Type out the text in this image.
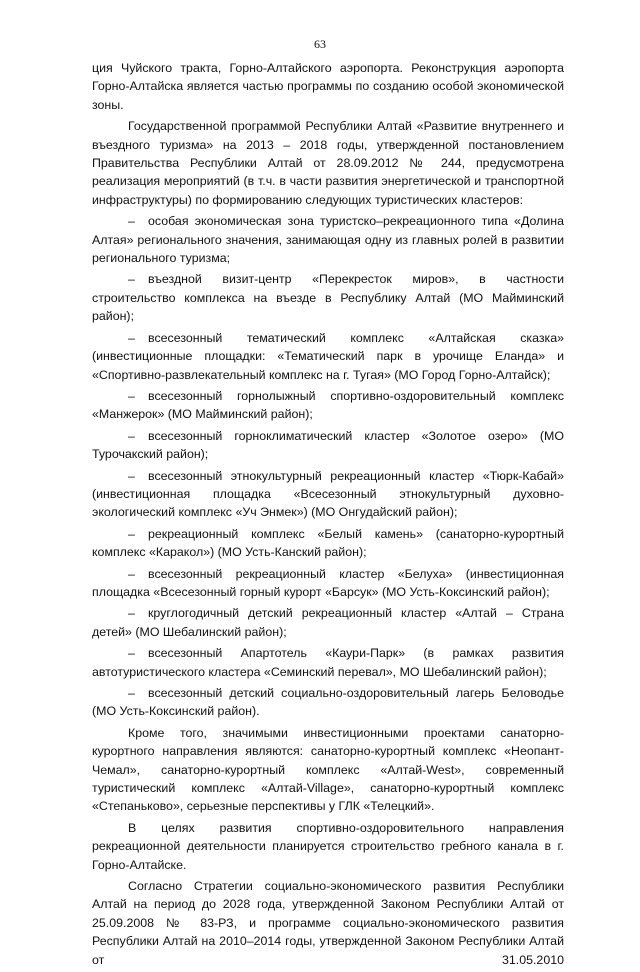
63

ция Чуйского тракта, Горно-Алтайского аэропорта. Реконструкция аэропорта Горно-Алтайска является частью программы по созданию особой экономической зоны.

Государственной программой Республики Алтай «Развитие внутреннего и въездного туризма» на 2013 – 2018 годы, утвержденной постановлением Правительства Республики Алтай от 28.09.2012 № 244, предусмотрена реализация мероприятий (в т.ч. в части развития энергетической и транспортной инфраструктуры) по формированию следующих туристических кластеров:

– особая экономическая зона туристско–рекреационного типа «Долина Алтая» регионального значения, занимающая одну из главных ролей в развитии регионального туризма;

– въездной визит-центр «Перекресток миров», в частности строительство комплекса на въезде в Республику Алтай (МО Майминский район);

– всесезонный тематический комплекс «Алтайская сказка» (инвестиционные площадки: «Тематический парк в урочище Еланда» и «Спортивно-развлекательный комплекс на г. Тугая» (МО Город Горно-Алтайск);

– всесезонный горнолыжный спортивно-оздоровительный комплекс «Манжерок» (МО Майминский район);

– всесезонный горноклиматический кластер «Золотое озеро» (МО Турочакский район);

– всесезонный этнокультурный рекреационный кластер «Тюрк-Кабай» (инвестиционная площадка «Всесезонный этнокультурный духовно-экологический комплекс «Уч Энмек») (МО Онгудайский район);

– рекреационный комплекс «Белый камень» (санаторно-курортный комплекс «Каракол») (МО Усть-Канский район);

– всесезонный рекреационный кластер «Белуха» (инвестиционная площадка «Всесезонный горный курорт «Барсук» (МО Усть-Коксинский район);

– круглогодичный детский рекреационный кластер «Алтай – Страна детей» (МО Шебалинский район);

– всесезонный Апартотель «Каури-Парк» (в рамках развития автотуристического кластера «Семинский перевал», МО Шебалинский район);

– всесезонный детский социально-оздоровительный лагерь Беловодье (МО Усть-Коксинский район).

Кроме того, значимыми инвестиционными проектами санаторно-курортного направления являются: санаторно-курортный комплекс «Неопант-Чемал», санаторно-курортный комплекс «Алтай-West», современный туристический комплекс «Алтай-Village», санаторно-курортный комплекс «Степаньково», серьезные перспективы у ГЛК «Телецкий».

В целях развития спортивно-оздоровительного направления рекреационной деятельности планируется строительство гребного канала в г. Горно-Алтайске.

Согласно Стратегии социально-экономического развития Республики Алтай на период до 2028 года, утвержденной Законом Республики Алтай от 25.09.2008 № 83-РЗ, и программе социально-экономического развития Республики Алтай на 2010–2014 годы, утвержденной Законом Республики Алтай от 31.05.2010
